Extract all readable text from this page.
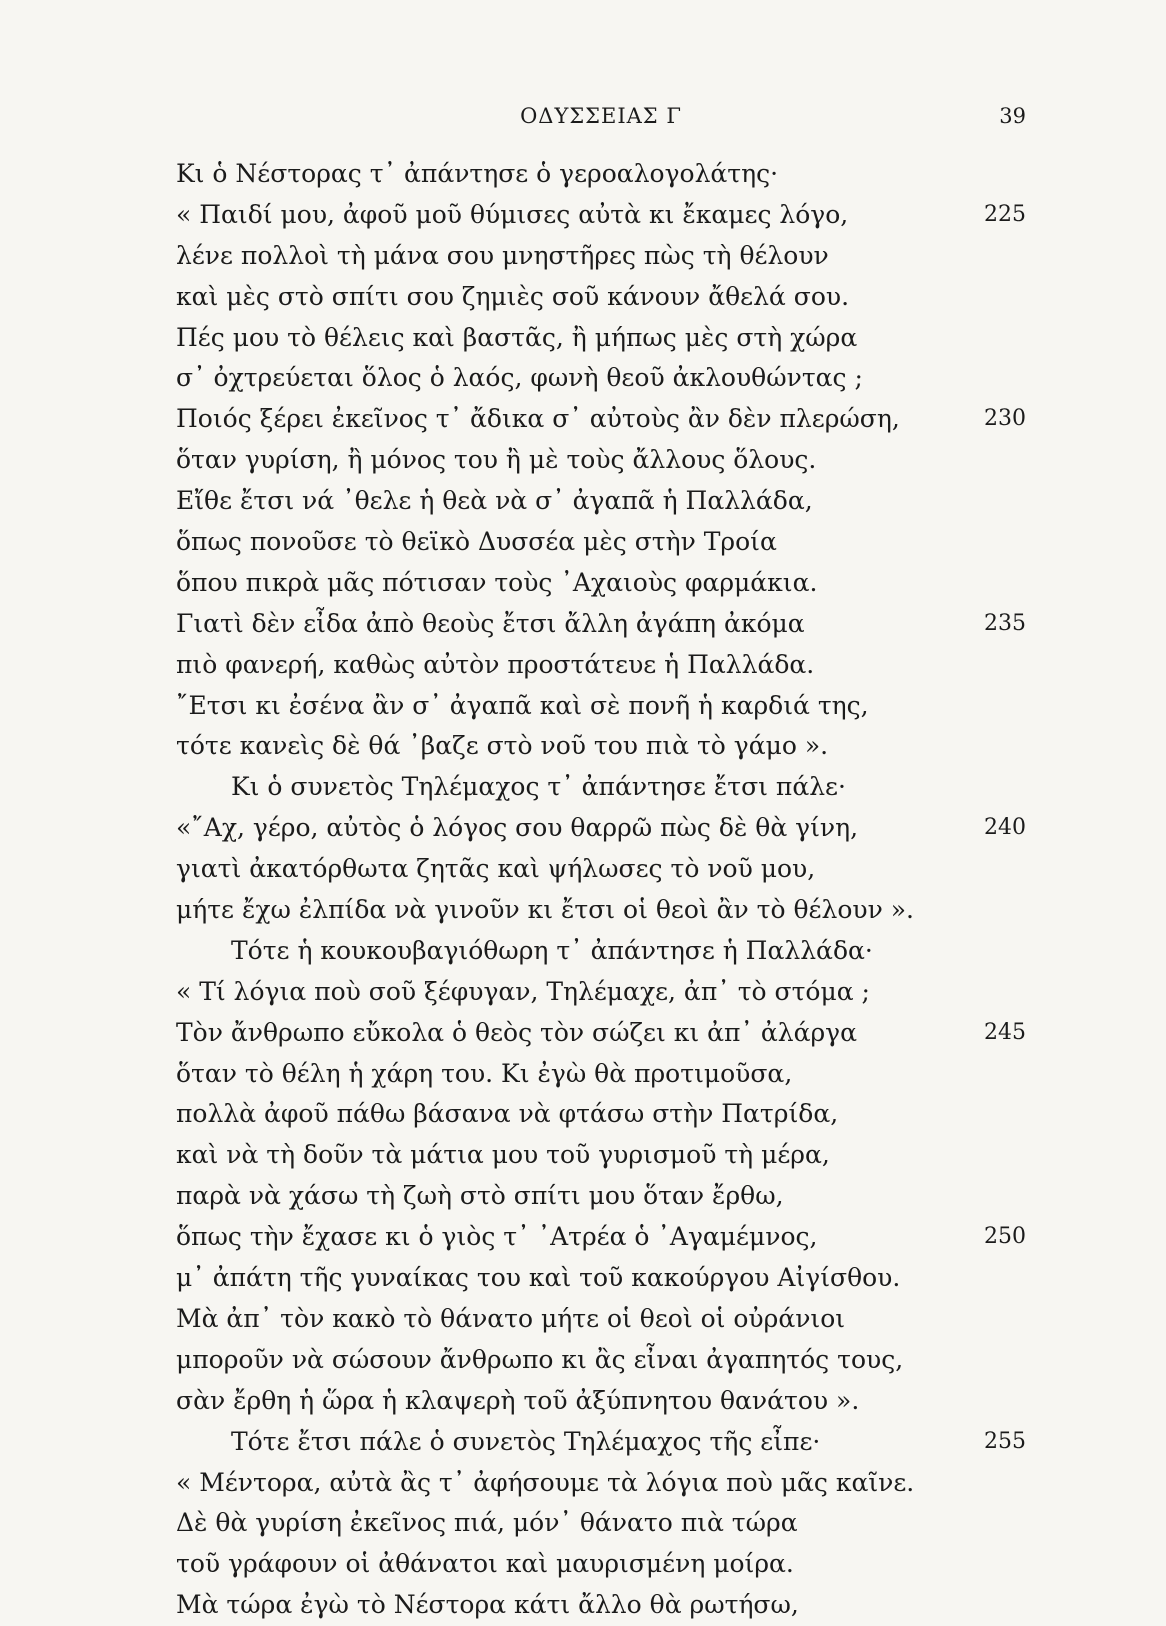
ΟΔΥΣΣΕΙΑΣ Γ	39
Κι ὁ Νέστορας τ᾽ ἀπάντησε ὁ γεροαλογολάτης·
« Παιδί μου, ἀφοῦ μοῦ θύμισες αὐτὰ κι ἔκαμες λόγο,	225
λένε πολλοὶ τὴ μάνα σου μνηστῆρες πὼς τὴ θέλουν
καὶ μὲς στὸ σπίτι σου ζημιὲς σοῦ κάνουν ἄθελά σου.
Πές μου τὸ θέλεις καὶ βαστᾶς, ἢ μήπως μὲς στὴ χώρα
σ᾽ ὀχτρεύεται ὅλος ὁ λαός, φωνὴ θεοῦ ἀκλουθώντας ;
Ποιός ξέρει ἐκεῖνος τ᾽ ἄδικα σ᾽ αὐτοὺς ἂν δὲν πλερώση,	230
ὅταν γυρίση, ἢ μόνος του ἢ μὲ τοὺς ἄλλους ὅλους.
Εἴθε ἔτσι νά ᾽θελε ἡ θεὰ νὰ σ᾽ ἀγαπᾶ ἡ Παλλάδα,
ὅπως πονοῦσε τὸ θεϊκὸ Δυσσέα μὲς στὴν Τροία
ὅπου πικρὰ μᾶς πότισαν τοὺς ᾽Αχαιοὺς φαρμάκια.
Γιατὶ δὲν εἶδα ἀπὸ θεοὺς ἔτσι ἄλλη ἀγάπη ἀκόμα	235
πιὸ φανερή, καθὼς αὐτὸν προστάτευε ἡ Παλλάδα.
῎Ετσι κι ἐσένα ἂν σ᾽ ἀγαπᾶ καὶ σὲ πονῆ ἡ καρδιά της,
τότε κανεὶς δὲ θά ᾽βαζε στὸ νοῦ του πιὰ τὸ γάμο ».
Κι ὁ συνετὸς Τηλέμαχος τ᾽ ἀπάντησε ἔτσι πάλε·
«῎Αχ, γέρο, αὐτὸς ὁ λόγος σου θαρρῶ πὼς δὲ θὰ γίνη,	240
γιατὶ ἀκατόρθωτα ζητᾶς καὶ ψήλωσες τὸ νοῦ μου,
μήτε ἔχω ἐλπίδα νὰ γινοῦν κι ἔτσι οἱ θεοὶ ἂν τὸ θέλουν ».
Τότε ἡ κουκουβαγιόθωρη τ᾽ ἀπάντησε ἡ Παλλάδα·
« Τί λόγια ποὺ σοῦ ξέφυγαν, Τηλέμαχε, ἀπ᾽ τὸ στόμα ;
Τὸν ἄνθρωπο εὔκολα ὁ θεὸς τὸν σώζει κι ἀπ᾽ ἀλάργα	245
ὅταν τὸ θέλη ἡ χάρη του. Κι ἐγὼ θὰ προτιμοῦσα,
πολλὰ ἀφοῦ πάθω βάσανα νὰ φτάσω στὴν Πατρίδα,
καὶ νὰ τὴ δοῦν τὰ μάτια μου τοῦ γυρισμοῦ τὴ μέρα,
παρὰ νὰ χάσω τὴ ζωὴ στὸ σπίτι μου ὅταν ἔρθω,
ὅπως τὴν ἔχασε κι ὁ γιὸς τ᾽ ᾽Ατρέα ὁ ᾽Αγαμέμνος,	250
μ᾽ ἀπάτη τῆς γυναίκας του καὶ τοῦ κακούργου Αἰγίσθου.
Μὰ ἀπ᾽ τὸν κακὸ τὸ θάνατο μήτε οἱ θεοὶ οἱ οὐράνιοι
μποροῦν νὰ σώσουν ἄνθρωπο κι ἂς εἶναι ἀγαπητός τους,
σὰν ἔρθη ἡ ὥρα ἡ κλαψερὴ τοῦ ἀξύπνητου θανάτου ».
Τότε ἔτσι πάλε ὁ συνετὸς Τηλέμαχος τῆς εἶπε·	255
« Μέντορα, αὐτὰ ἂς τ᾽ ἀφήσουμε τὰ λόγια ποὺ μᾶς καῖνε.
Δὲ θὰ γυρίση ἐκεῖνος πιά, μόν᾽ θάνατο πιὰ τώρα
τοῦ γράφουν οἱ ἀθάνατοι καὶ μαυρισμένη μοίρα.
Μὰ τώρα ἐγὼ τὸ Νέστορα κάτι ἄλλο θὰ ρωτήσω,
